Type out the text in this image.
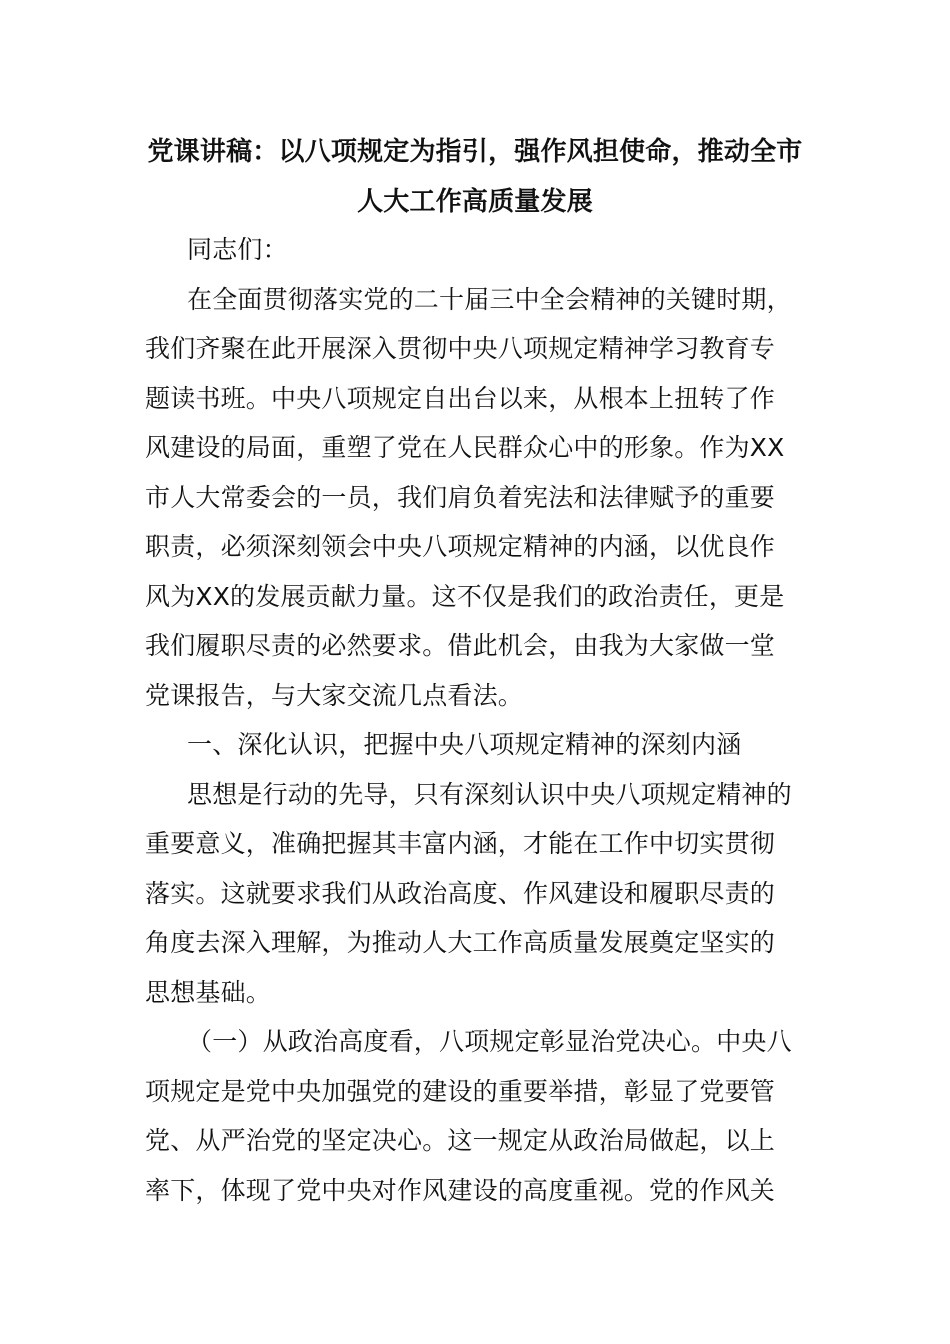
党课讲稿：以八项规定为指引，强作风担使命，推动全市
人大工作高质量发展
同志们：
在全面贯彻落实党的二十届三中全会精神的关键时期，
我们齐聚在此开展深入贯彻中央八项规定精神学习教育专
题读书班。中央八项规定自出台以来，从根本上扭转了作
风建设的局面，重塑了党在人民群众心中的形象。作为XX
市人大常委会的一员，我们肩负着宪法和法律赋予的重要
职责，必须深刻领会中央八项规定精神的内涵，以优良作
风为XX的发展贡献力量。这不仅是我们的政治责任，更是
我们履职尽责的必然要求。借此机会，由我为大家做一堂
党课报告，与大家交流几点看法。
一、深化认识，把握中央八项规定精神的深刻内涵
思想是行动的先导，只有深刻认识中央八项规定精神的
重要意义，准确把握其丰富内涵，才能在工作中切实贯彻
落实。这就要求我们从政治高度、作风建设和履职尽责的
角度去深入理解，为推动人大工作高质量发展奠定坚实的
思想基础。
（一）从政治高度看，八项规定彰显治党决心。中央八
项规定是党中央加强党的建设的重要举措，彰显了党要管
党、从严治党的坚定决心。这一规定从政治局做起，以上
率下，体现了党中央对作风建设的高度重视。党的作风关
